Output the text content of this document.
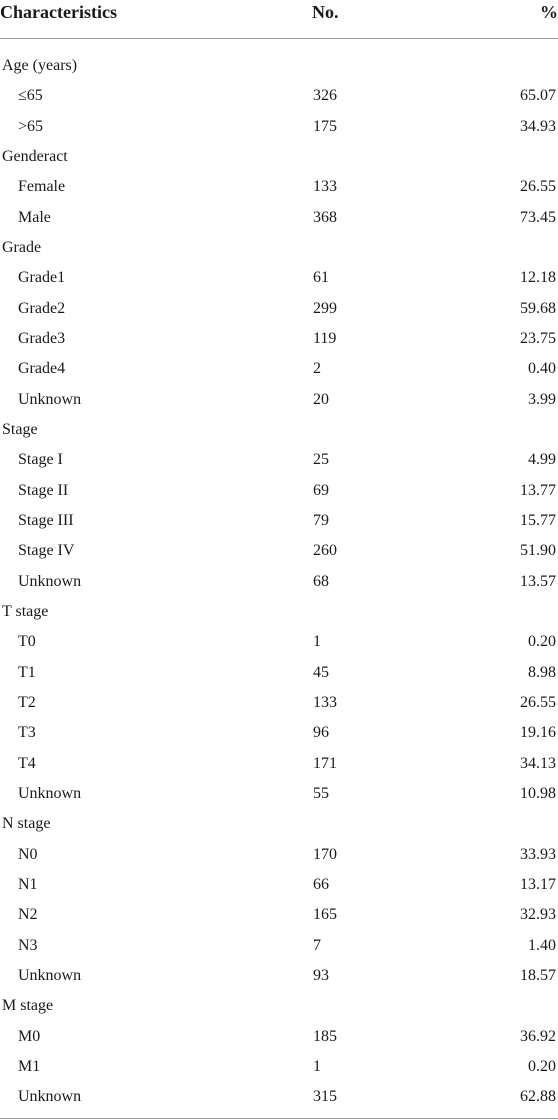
Characteristics	No.	%
Age (years)
≤65	326	65.07
>65	175	34.93
Genderact
Female	133	26.55
Male	368	73.45
Grade
Grade1	61	12.18
Grade2	299	59.68
Grade3	119	23.75
Grade4	2	0.40
Unknown	20	3.99
Stage
Stage I	25	4.99
Stage II	69	13.77
Stage III	79	15.77
Stage IV	260	51.90
Unknown	68	13.57
T stage
T0	1	0.20
T1	45	8.98
T2	133	26.55
T3	96	19.16
T4	171	34.13
Unknown	55	10.98
N stage
N0	170	33.93
N1	66	13.17
N2	165	32.93
N3	7	1.40
Unknown	93	18.57
M stage
M0	185	36.92
M1	1	0.20
Unknown	315	62.88
